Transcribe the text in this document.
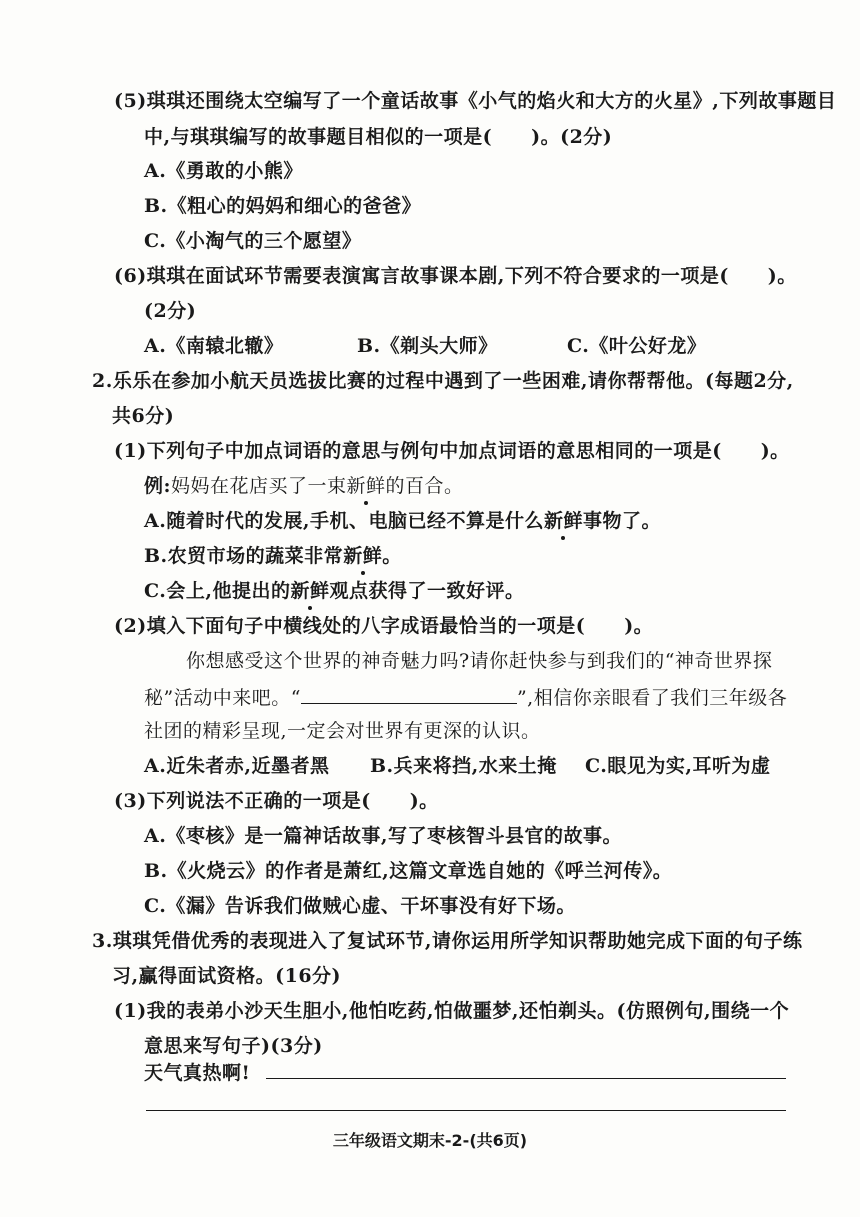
(5)琪琪还围绕太空编写了一个童话故事《小气的焰火和大方的火星》,下列故事题目
中,与琪琪编写的故事题目相似的一项是(　　)。(2分)
A.《勇敢的小熊》
B.《粗心的妈妈和细心的爸爸》
C.《小淘气的三个愿望》
(6)琪琪在面试环节需要表演寓言故事课本剧,下列不符合要求的一项是(　　)。
(2分)
A.《南辕北辙》	B.《剃头大师》	C.《叶公好龙》
2.乐乐在参加小航天员选拔比赛的过程中遇到了一些困难,请你帮帮他。(每题2分,
共6分)
(1)下列句子中加点词语的意思与例句中加点词语的意思相同的一项是(　　)。
例:妈妈在花店买了一束新鲜的百合。
A.随着时代的发展,手机、电脑已经不算是什么新鲜事物了。
B.农贸市场的蔬菜非常新鲜。
C.会上,他提出的新鲜观点获得了一致好评。
(2)填入下面句子中横线处的八字成语最恰当的一项是(　　)。
你想感受这个世界的神奇魅力吗?请你赶快参与到我们的“神奇世界探
秘”活动中来吧。“	”,相信你亲眼看了我们三年级各
社团的精彩呈现,一定会对世界有更深的认识。
A.近朱者赤,近墨者黑 B.兵来将挡,水来土掩 C.眼见为实,耳听为虚
(3)下列说法不正确的一项是(　　)。
A.《枣核》是一篇神话故事,写了枣核智斗县官的故事。
B.《火烧云》的作者是萧红,这篇文章选自她的《呼兰河传》。
C.《漏》告诉我们做贼心虚、干坏事没有好下场。
3.琪琪凭借优秀的表现进入了复试环节,请你运用所学知识帮助她完成下面的句子练
习,赢得面试资格。(16分)
(1)我的表弟小沙天生胆小,他怕吃药,怕做噩梦,还怕剃头。(仿照例句,围绕一个
意思来写句子)(3分)
天气真热啊!
三年级语文期末-2-(共6页)
